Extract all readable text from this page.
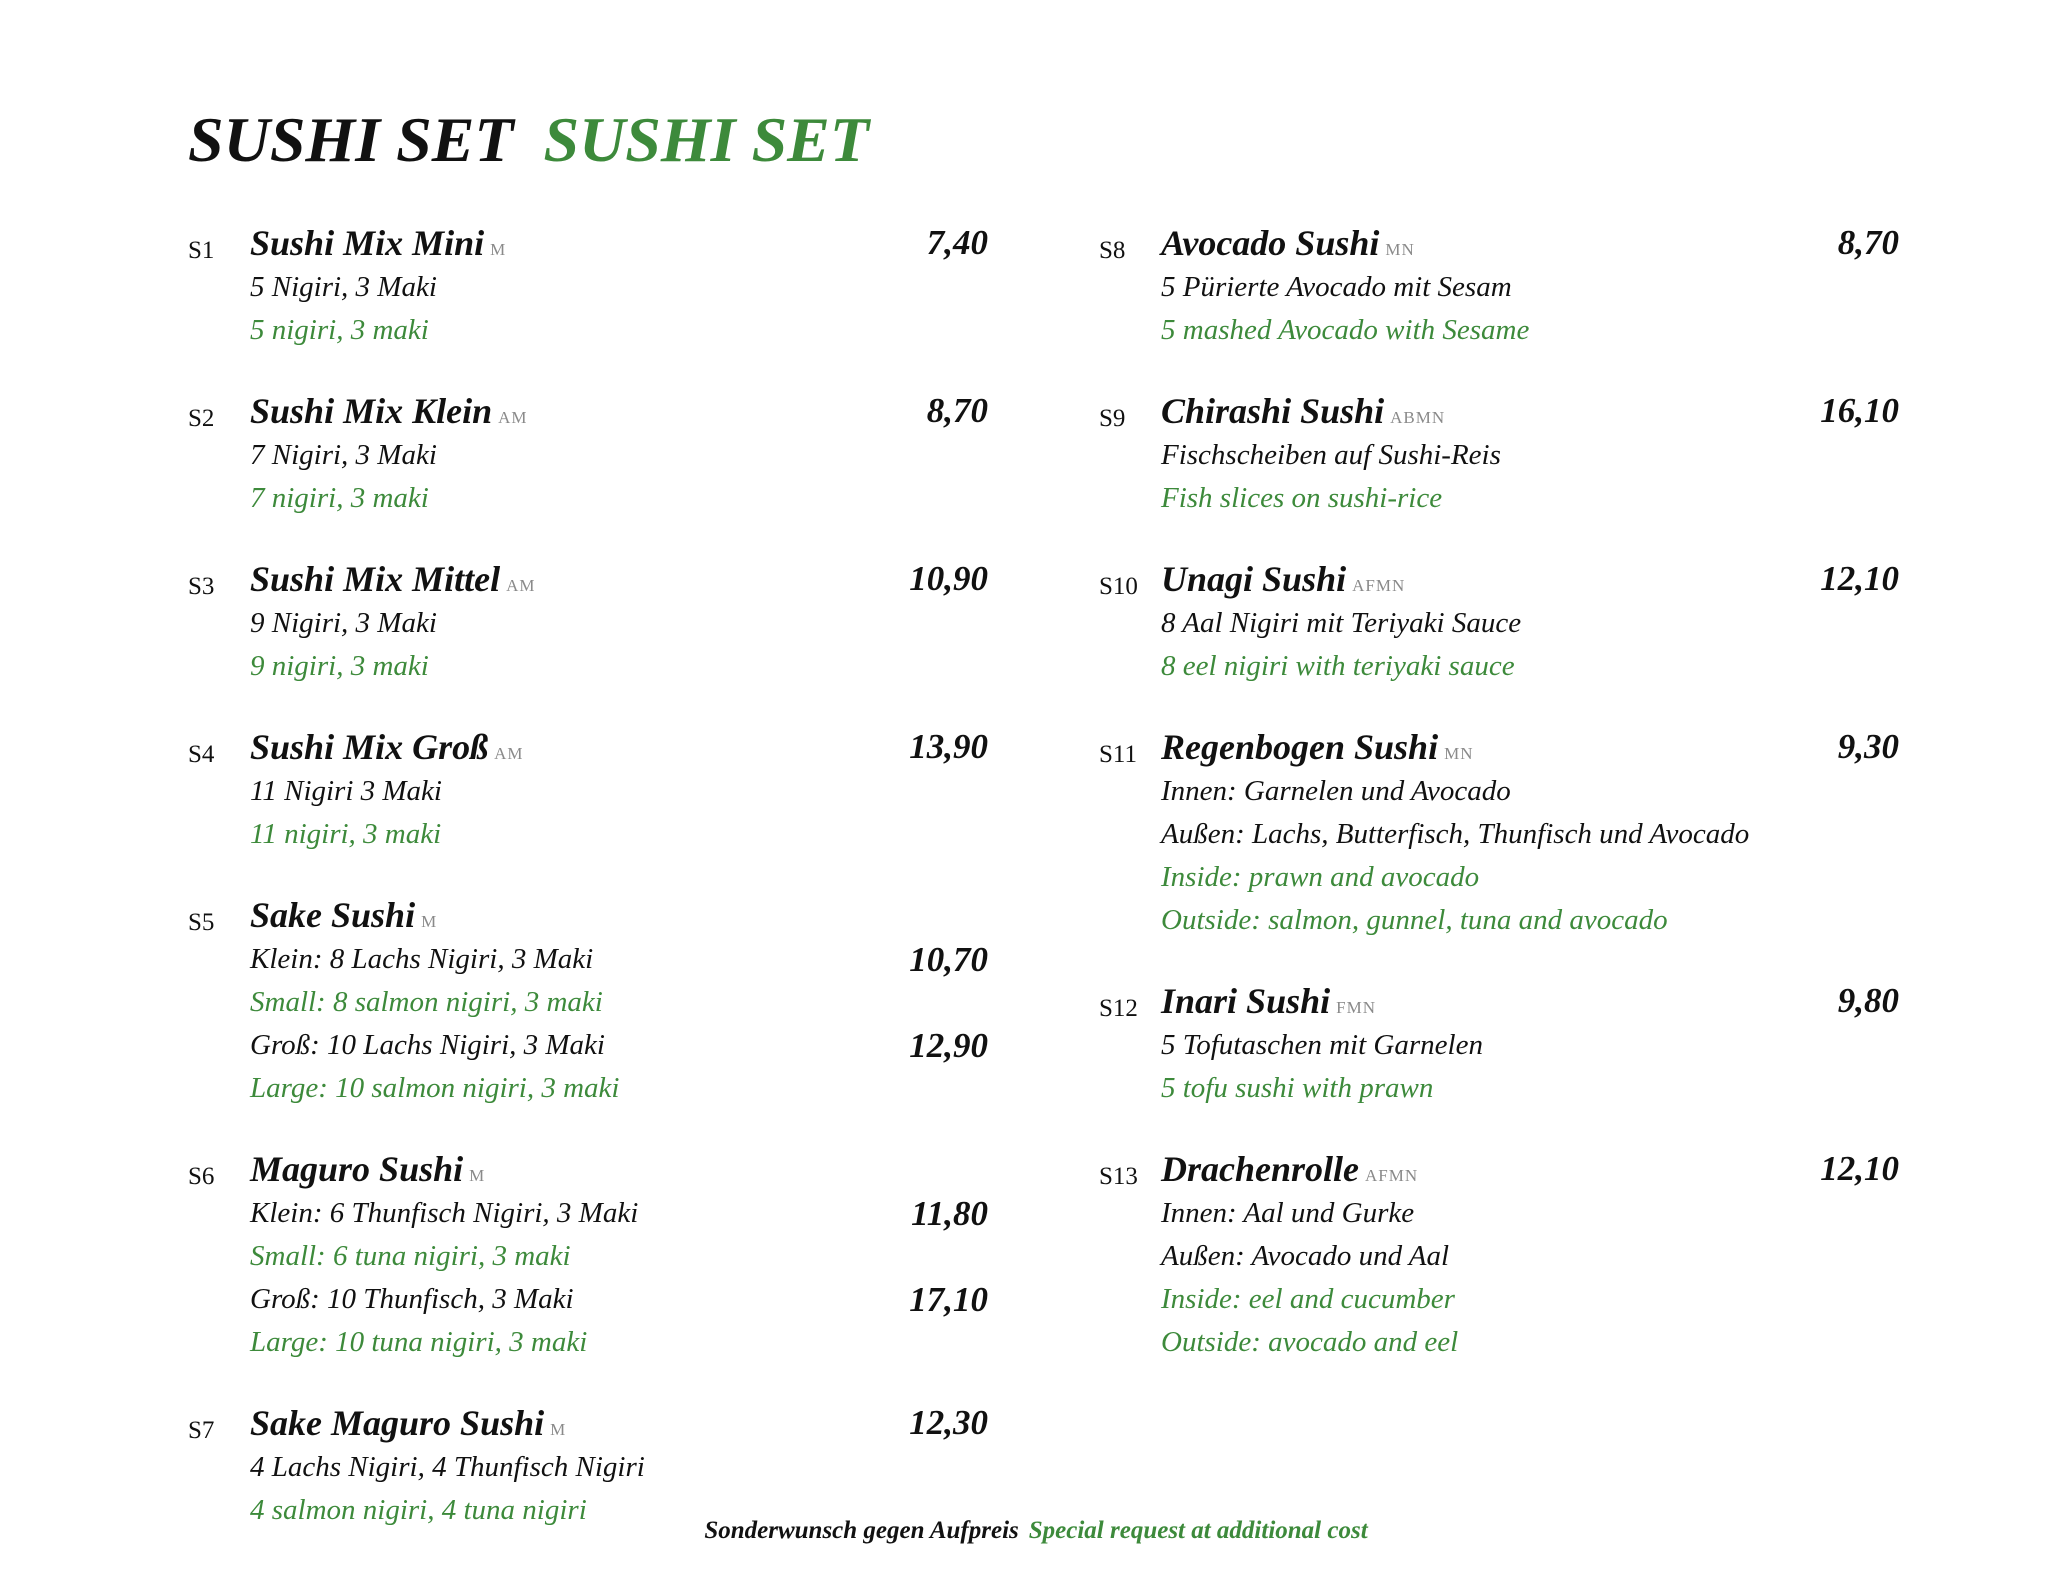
SUSHI SET SUSHI SET
S1 Sushi Mix Mini M	7,40
5 Nigiri, 3 Maki
5 nigiri, 3 maki
S2 Sushi Mix Klein AM	8,70
7 Nigiri, 3 Maki
7 nigiri, 3 maki
S3 Sushi Mix Mittel AM	10,90
9 Nigiri, 3 Maki
9 nigiri, 3 maki
S4 Sushi Mix Groß AM	13,90
11 Nigiri 3 Maki
11 nigiri, 3 maki
S5 Sake Sushi M
Klein: 8 Lachs Nigiri, 3 Maki	10,70
Small: 8 salmon nigiri, 3 maki
Groß: 10 Lachs Nigiri, 3 Maki	12,90
Large: 10 salmon nigiri, 3 maki
S6 Maguro Sushi M
Klein: 6 Thunfisch Nigiri, 3 Maki	11,80
Small: 6 tuna nigiri, 3 maki
Groß: 10 Thunfisch, 3 Maki	17,10
Large: 10 tuna nigiri, 3 maki
S7 Sake Maguro Sushi M	12,30
4 Lachs Nigiri, 4 Thunfisch Nigiri
4 salmon nigiri, 4 tuna nigiri
S8 Avocado Sushi MN	8,70
5 Pürierte Avocado mit Sesam
5 mashed Avocado with Sesame
S9 Chirashi Sushi ABMN	16,10
Fischscheiben auf Sushi-Reis
Fish slices on sushi-rice
S10 Unagi Sushi AFMN	12,10
8 Aal Nigiri mit Teriyaki Sauce
8 eel nigiri with teriyaki sauce
S11 Regenbogen Sushi MN	9,30
Innen: Garnelen und Avocado
Außen: Lachs, Butterfisch, Thunfisch und Avocado
Inside: prawn and avocado
Outside: salmon, gunnel, tuna and avocado
S12 Inari Sushi FMN	9,80
5 Tofutaschen mit Garnelen
5 tofu sushi with prawn
S13 Drachenrolle AFMN	12,10
Innen: Aal und Gurke
Außen: Avocado und Aal
Inside: eel and cucumber
Outside: avocado and eel
Sonderwunsch gegen Aufpreis Special request at additional cost
